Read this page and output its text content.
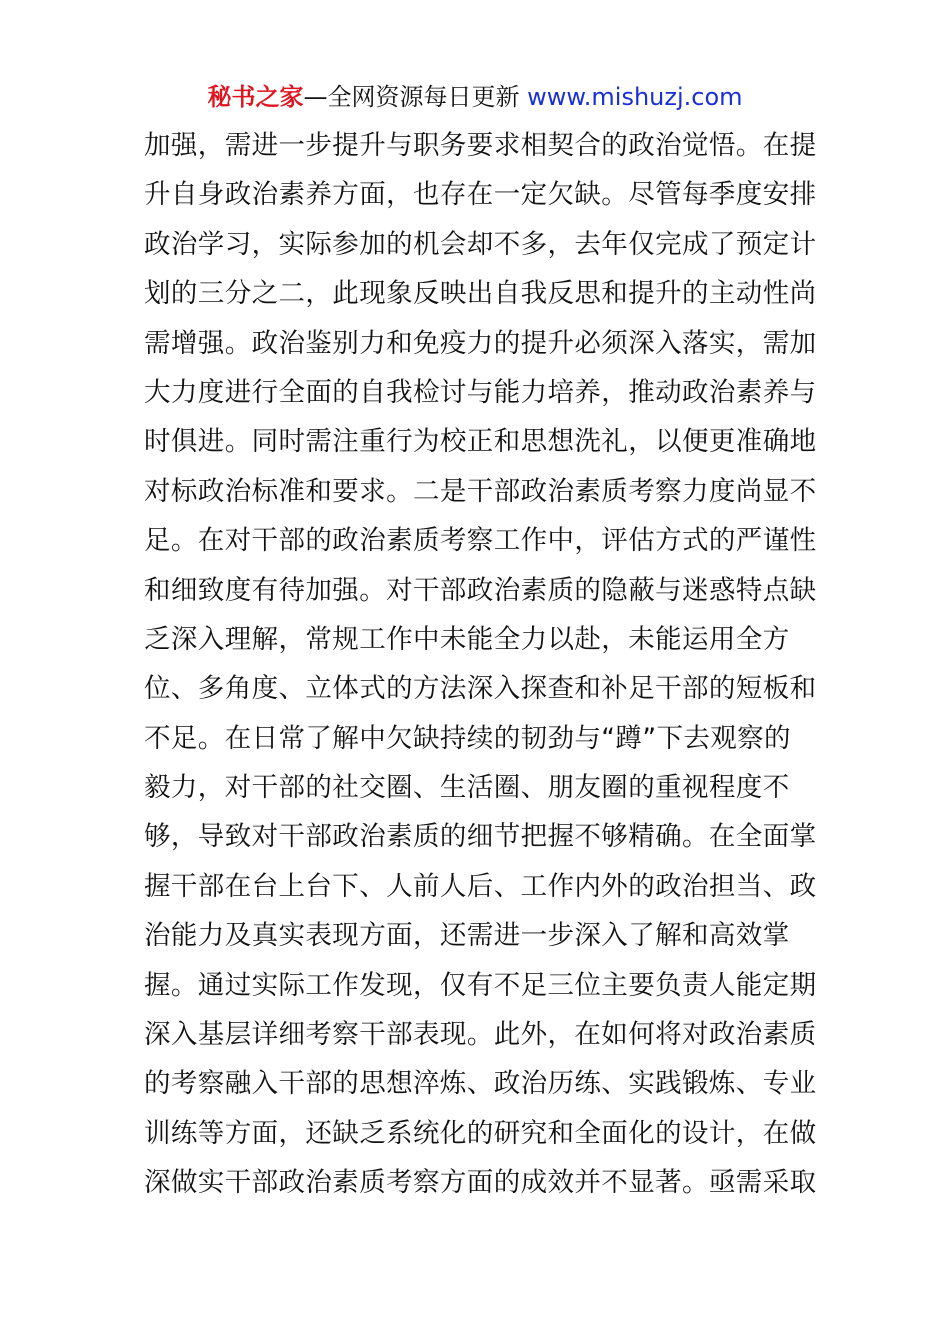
秘书之家—全网资源每日更新 www.mishuzj.com
加强，需进一步提升与职务要求相契合的政治觉悟。在提
升自身政治素养方面，也存在一定欠缺。尽管每季度安排
政治学习，实际参加的机会却不多，去年仅完成了预定计
划的三分之二，此现象反映出自我反思和提升的主动性尚
需增强。政治鉴别力和免疫力的提升必须深入落实，需加
大力度进行全面的自我检讨与能力培养，推动政治素养与
时俱进。同时需注重行为校正和思想洗礼，以便更准确地
对标政治标准和要求。二是干部政治素质考察力度尚显不
足。在对干部的政治素质考察工作中，评估方式的严谨性
和细致度有待加强。对干部政治素质的隐蔽与迷惑特点缺
乏深入理解，常规工作中未能全力以赴，未能运用全方
位、多角度、立体式的方法深入探查和补足干部的短板和
不足。在日常了解中欠缺持续的韧劲与“蹲”下去观察的
毅力，对干部的社交圈、生活圈、朋友圈的重视程度不
够，导致对干部政治素质的细节把握不够精确。在全面掌
握干部在台上台下、人前人后、工作内外的政治担当、政
治能力及真实表现方面，还需进一步深入了解和高效掌
握。通过实际工作发现，仅有不足三位主要负责人能定期
深入基层详细考察干部表现。此外，在如何将对政治素质
的考察融入干部的思想淬炼、政治历练、实践锻炼、专业
训练等方面，还缺乏系统化的研究和全面化的设计，在做
深做实干部政治素质考察方面的成效并不显著。亟需采取
